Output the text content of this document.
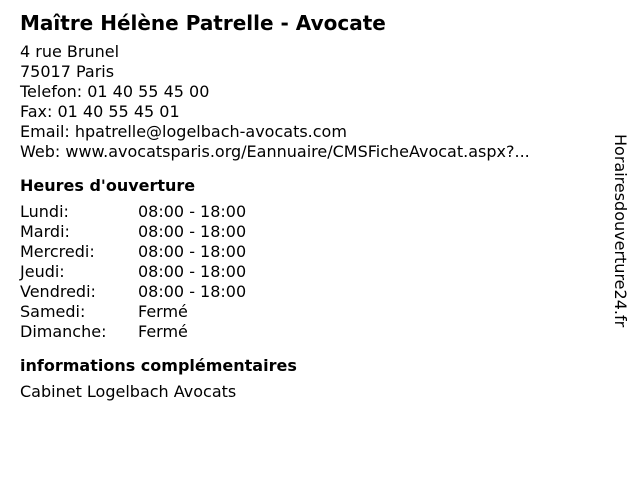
Maître Hélène Patrelle - Avocate
4 rue Brunel
75017 Paris
Telefon: 01 40 55 45 00
Fax: 01 40 55 45 01
Email: hpatrelle@logelbach-avocats.com
Web: www.avocatsparis.org/Eannuaire/CMSFicheAvocat.aspx?...
Heures d'ouverture
Lundi:	08:00 - 18:00
Mardi:	08:00 - 18:00
Mercredi:	08:00 - 18:00
Jeudi:	08:00 - 18:00
Vendredi:	08:00 - 18:00
Samedi:	Fermé
Dimanche:	Fermé
informations complémentaires
Cabinet Logelbach Avocats
Horairesdouverture24.fr
